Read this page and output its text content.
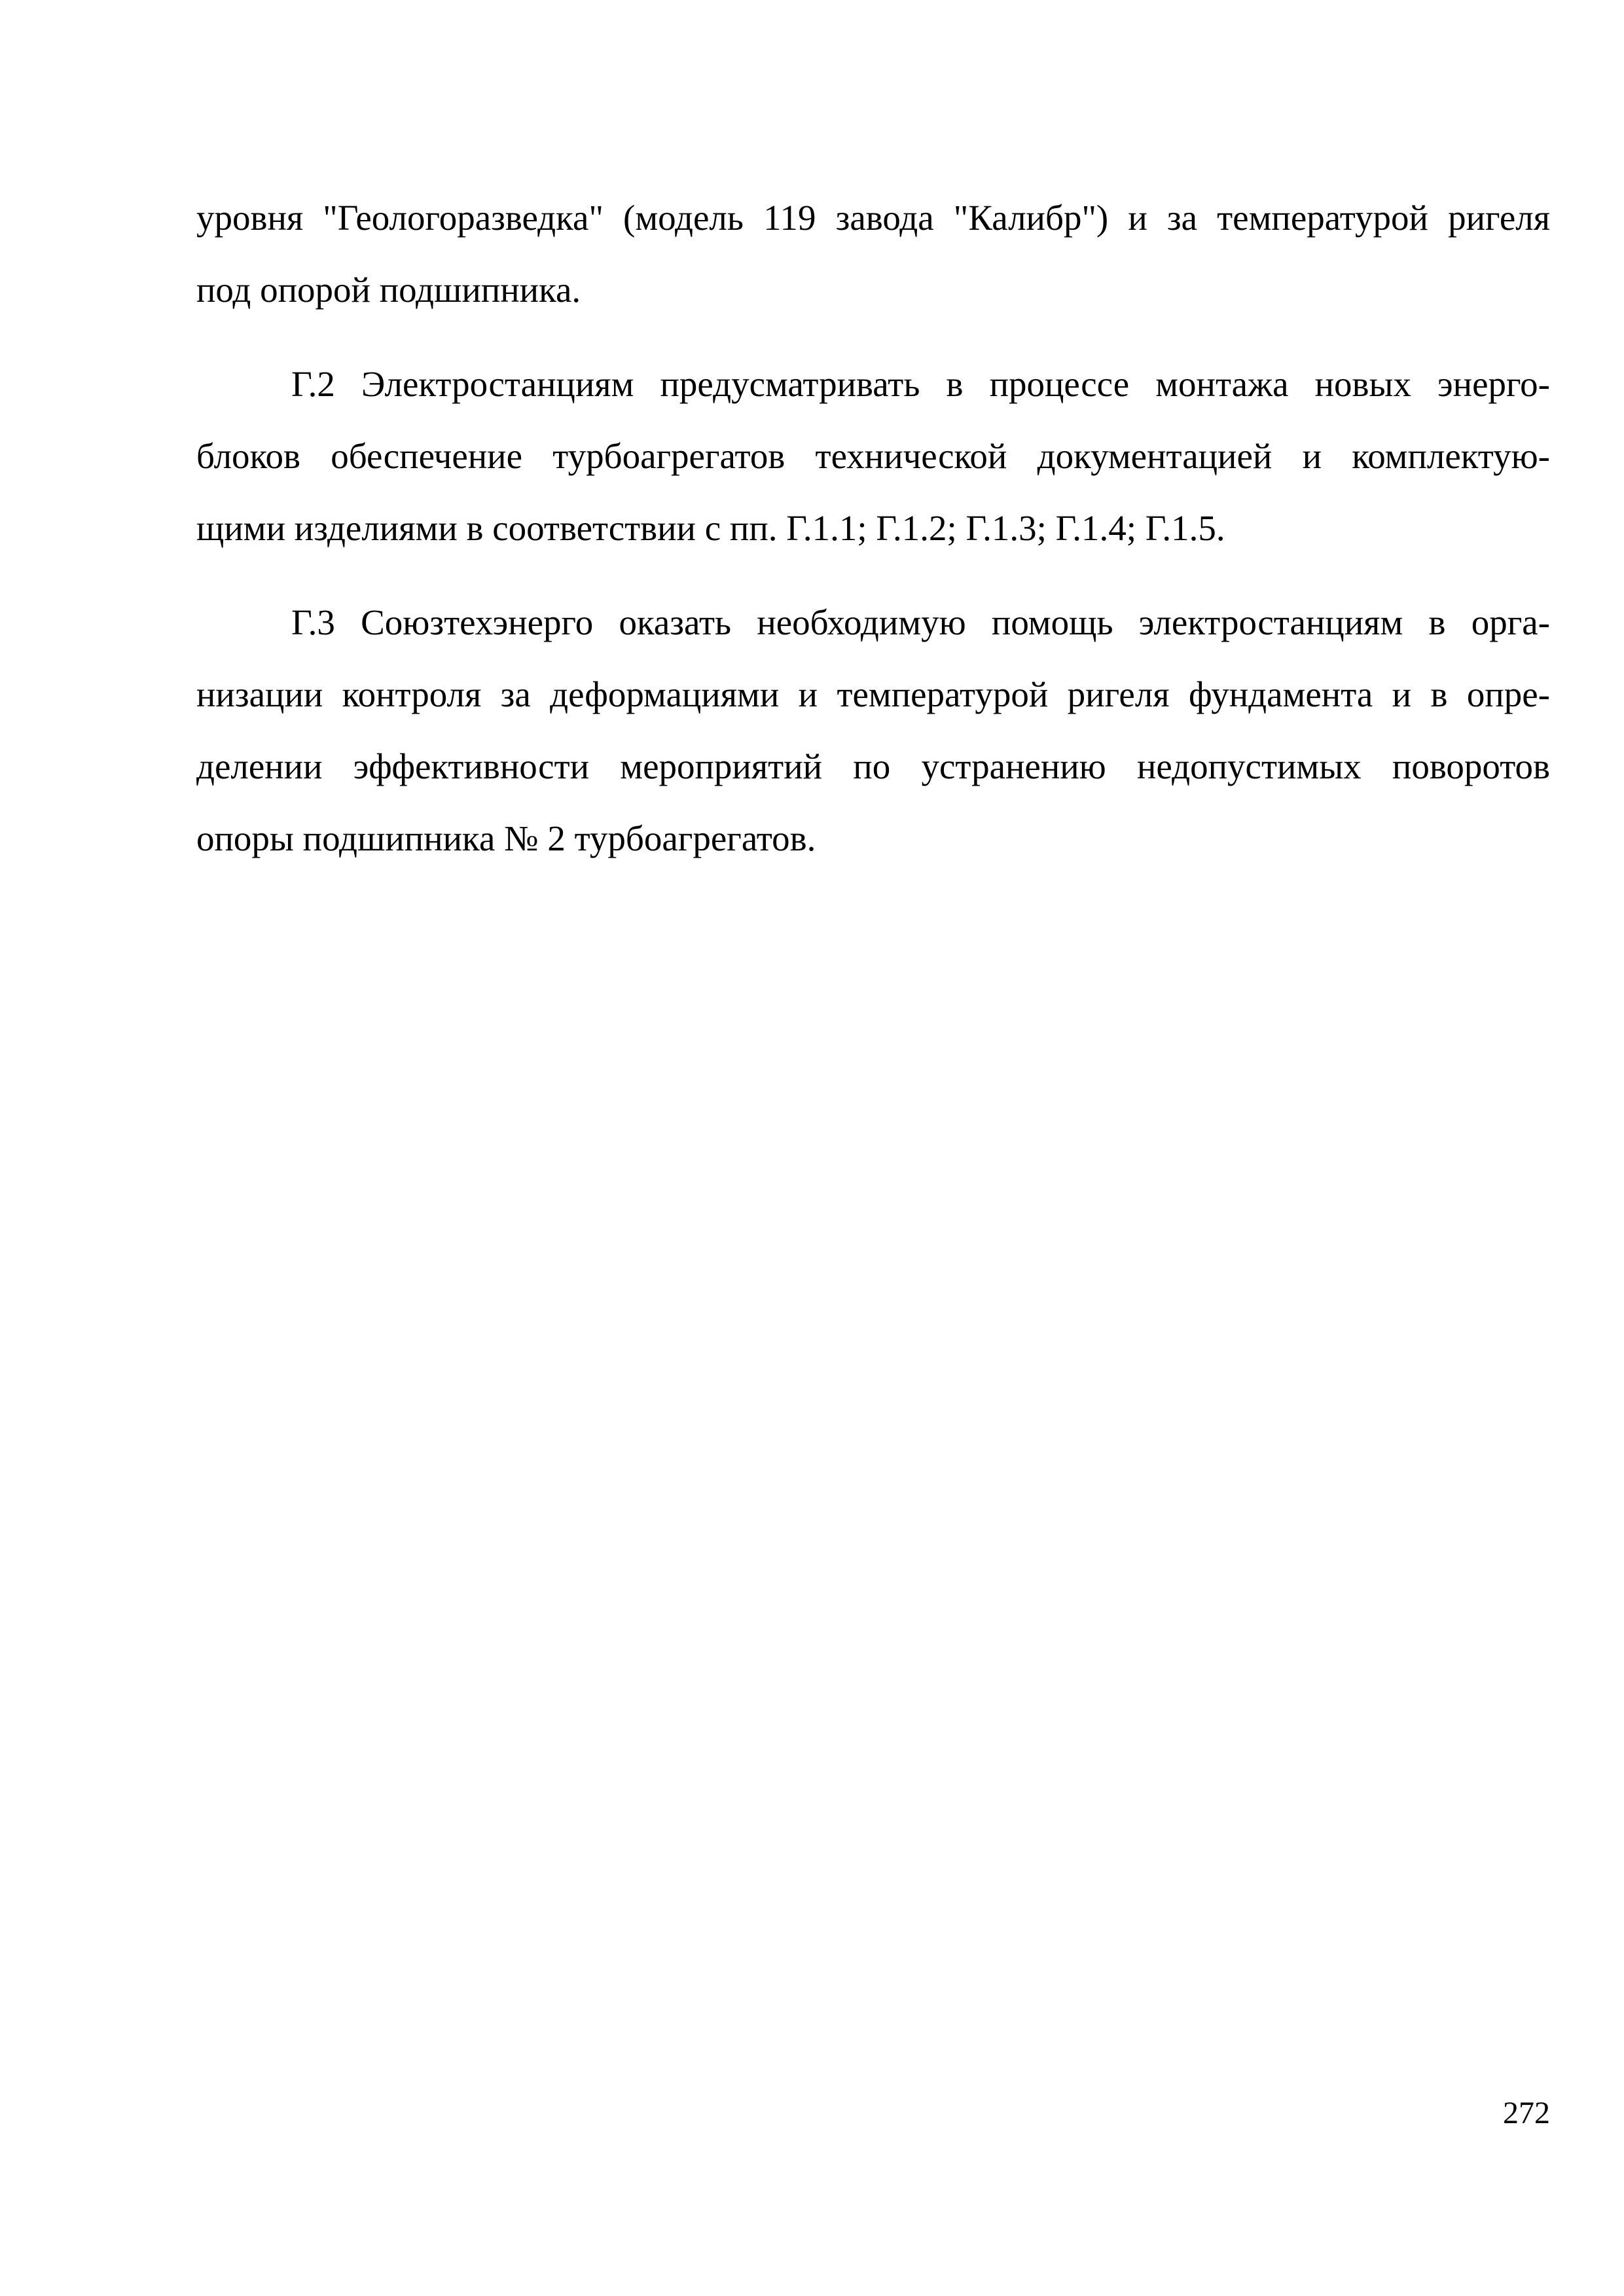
уровня "Геологоразведка" (модель 119 завода "Калибр") и за температурой ригеля
под опорой подшипника.
Г.2 Электростанциям предусматривать в процессе монтажа новых энерго-
блоков обеспечение турбоагрегатов технической документацией и комплектую-
щими изделиями в соответствии с пп. Г.1.1; Г.1.2; Г.1.3; Г.1.4; Г.1.5.
Г.3 Союзтехэнерго оказать необходимую помощь электростанциям в орга-
низации контроля за деформациями и температурой ригеля фундамента и в опре-
делении эффективности мероприятий по устранению недопустимых поворотов
опоры подшипника № 2 турбоагрегатов.
272
